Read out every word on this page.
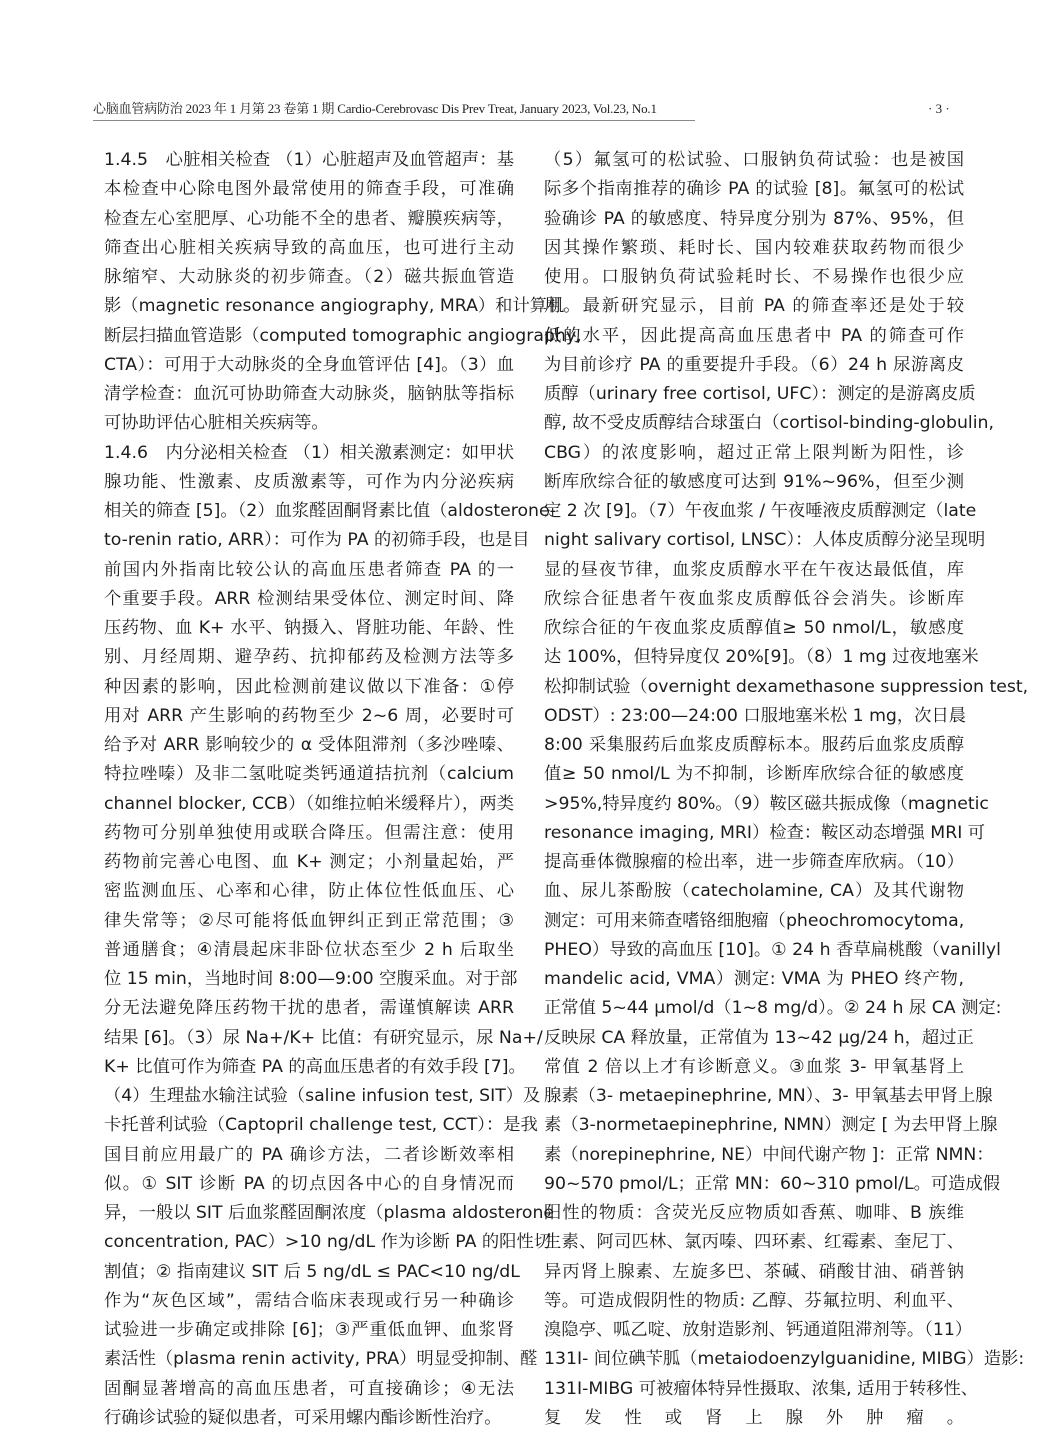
心脑血管病防治 2023 年 1 月第 23 卷第 1 期 Cardio-Cerebrovasc Dis Prev Treat, January 2023, Vol.23, No.1	· 3 ·
1.4.5　心脏相关检查 （1）心脏超声及血管超声：基
本检查中心除电图外最常使用的筛查手段，可准确
检查左心室肥厚、心功能不全的患者、瓣膜疾病等，
筛查出心脏相关疾病导致的高血压，也可进行主动
脉缩窄、大动脉炎的初步筛查。（2）磁共振血管造
影（magnetic resonance angiography, MRA）和计算机
断层扫描血管造影（computed tomographic angiography,
CTA）：可用于大动脉炎的全身血管评估 [4]。（3）血
清学检查：血沉可协助筛查大动脉炎，脑钠肽等指标
可协助评估心脏相关疾病等。
1.4.6　内分泌相关检查 （1）相关激素测定：如甲状
腺功能、性激素、皮质激素等，可作为内分泌疾病
相关的筛查 [5]。（2）血浆醛固酮肾素比值（aldosterone-
to-renin ratio, ARR）：可作为 PA 的初筛手段，也是目
前国内外指南比较公认的高血压患者筛查 PA 的一
个重要手段。ARR 检测结果受体位、测定时间、降
压药物、血 K+ 水平、钠摄入、肾脏功能、年龄、性
别、月经周期、避孕药、抗抑郁药及检测方法等多
种因素的影响，因此检测前建议做以下准备：①停
用对 ARR 产生影响的药物至少 2~6 周，必要时可
给予对 ARR 影响较少的 α 受体阻滞剂（多沙唑嗪、
特拉唑嗪）及非二氢吡啶类钙通道拮抗剂（calcium
channel blocker, CCB）（如维拉帕米缓释片），两类
药物可分别单独使用或联合降压。但需注意：使用
药物前完善心电图、血 K+ 测定；小剂量起始，严
密监测血压、心率和心律，防止体位性低血压、心
律失常等；②尽可能将低血钾纠正到正常范围；③
普通膳食；④清晨起床非卧位状态至少 2 h 后取坐
位 15 min，当地时间 8:00—9:00 空腹采血。对于部
分无法避免降压药物干扰的患者，需谨慎解读 ARR
结果 [6]。（3）尿 Na+/K+ 比值：有研究显示，尿 Na+/
K+ 比值可作为筛查 PA 的高血压患者的有效手段 [7]。
（4）生理盐水输注试验（saline infusion test, SIT）及
卡托普利试验（Captopril challenge test, CCT）：是我
国目前应用最广的 PA 确诊方法，二者诊断效率相
似。① SIT 诊断 PA 的切点因各中心的自身情况而
异，一般以 SIT 后血浆醛固酮浓度（plasma aldosterone
concentration, PAC）>10 ng/dL 作为诊断 PA 的阳性切
割值；② 指南建议 SIT 后 5 ng/dL ≤ PAC<10 ng/dL
作为“灰色区域”，需结合临床表现或行另一种确诊
试验进一步确定或排除 [6]；③严重低血钾、血浆肾
素活性（plasma renin activity, PRA）明显受抑制、醛
固酮显著增高的高血压患者，可直接确诊；④无法
行确诊试验的疑似患者，可采用螺内酯诊断性治疗。
（5）氟氢可的松试验、口服钠负荷试验：也是被国
际多个指南推荐的确诊 PA 的试验 [8]。氟氢可的松试
验确诊 PA 的敏感度、特异度分别为 87%、95%，但
因其操作繁琐、耗时长、国内较难获取药物而很少
使用。口服钠负荷试验耗时长、不易操作也很少应
用。最新研究显示，目前 PA 的筛查率还是处于较
低的水平，因此提高高血压患者中 PA 的筛查可作
为目前诊疗 PA 的重要提升手段。（6）24 h 尿游离皮
质醇（urinary free cortisol, UFC）：测定的是游离皮质
醇, 故不受皮质醇结合球蛋白（cortisol-binding-globulin,
CBG）的浓度影响，超过正常上限判断为阳性，诊
断库欣综合征的敏感度可达到 91%~96%，但至少测
定 2 次 [9]。（7）午夜血浆 / 午夜唾液皮质醇测定（late
night salivary cortisol, LNSC）：人体皮质醇分泌呈现明
显的昼夜节律，血浆皮质醇水平在午夜达最低值，库
欣综合征患者午夜血浆皮质醇低谷会消失。诊断库
欣综合征的午夜血浆皮质醇值≥ 50 nmol/L，敏感度
达 100%，但特异度仅 20%[9]。（8）1 mg 过夜地塞米
松抑制试验（overnight dexamethasone suppression test,
ODST）: 23:00—24:00 口服地塞米松 1 mg，次日晨
8:00 采集服药后血浆皮质醇标本。服药后血浆皮质醇
值≥ 50 nmol/L 为不抑制，诊断库欣综合征的敏感度
>95%,特异度约 80%。（9）鞍区磁共振成像（magnetic
resonance imaging, MRI）检查：鞍区动态增强 MRI 可
提高垂体微腺瘤的检出率，进一步筛查库欣病。（10）
血、尿儿茶酚胺（catecholamine, CA）及其代谢物
测定：可用来筛查嗜铬细胞瘤（pheochromocytoma,
PHEO）导致的高血压 [10]。① 24 h 香草扁桃酸（vanillyl
mandelic acid, VMA）测定: VMA 为 PHEO 终产物,
正常值 5~44 μmol/d（1~8 mg/d）。② 24 h 尿 CA 测定:
反映尿 CA 释放量，正常值为 13~42 μg/24 h，超过正
常值 2 倍以上才有诊断意义。③血浆 3- 甲氧基肾上
腺素（3- metaepinephrine, MN）、3- 甲氧基去甲肾上腺
素（3-normetaepinephrine, NMN）测定 [ 为去甲肾上腺
素（norepinephrine, NE）中间代谢产物 ]：正常 NMN：
90~570 pmol/L；正常 MN：60~310 pmol/L。可造成假
阳性的物质：含荧光反应物质如香蕉、咖啡、B 族维
生素、阿司匹林、氯丙嗪、四环素、红霉素、奎尼丁、
异丙肾上腺素、左旋多巴、茶碱、硝酸甘油、硝普钠
等。可造成假阴性的物质: 乙醇、芬氟拉明、利血平、
溴隐亭、呱乙啶、放射造影剂、钙通道阻滞剂等。（11）
131I- 间位碘苄胍（metaiodoenzylguanidine, MIBG）造影:
131I-MIBG 可被瘤体特异性摄取、浓集, 适用于转移性、
复发性或肾上腺外肿瘤。
